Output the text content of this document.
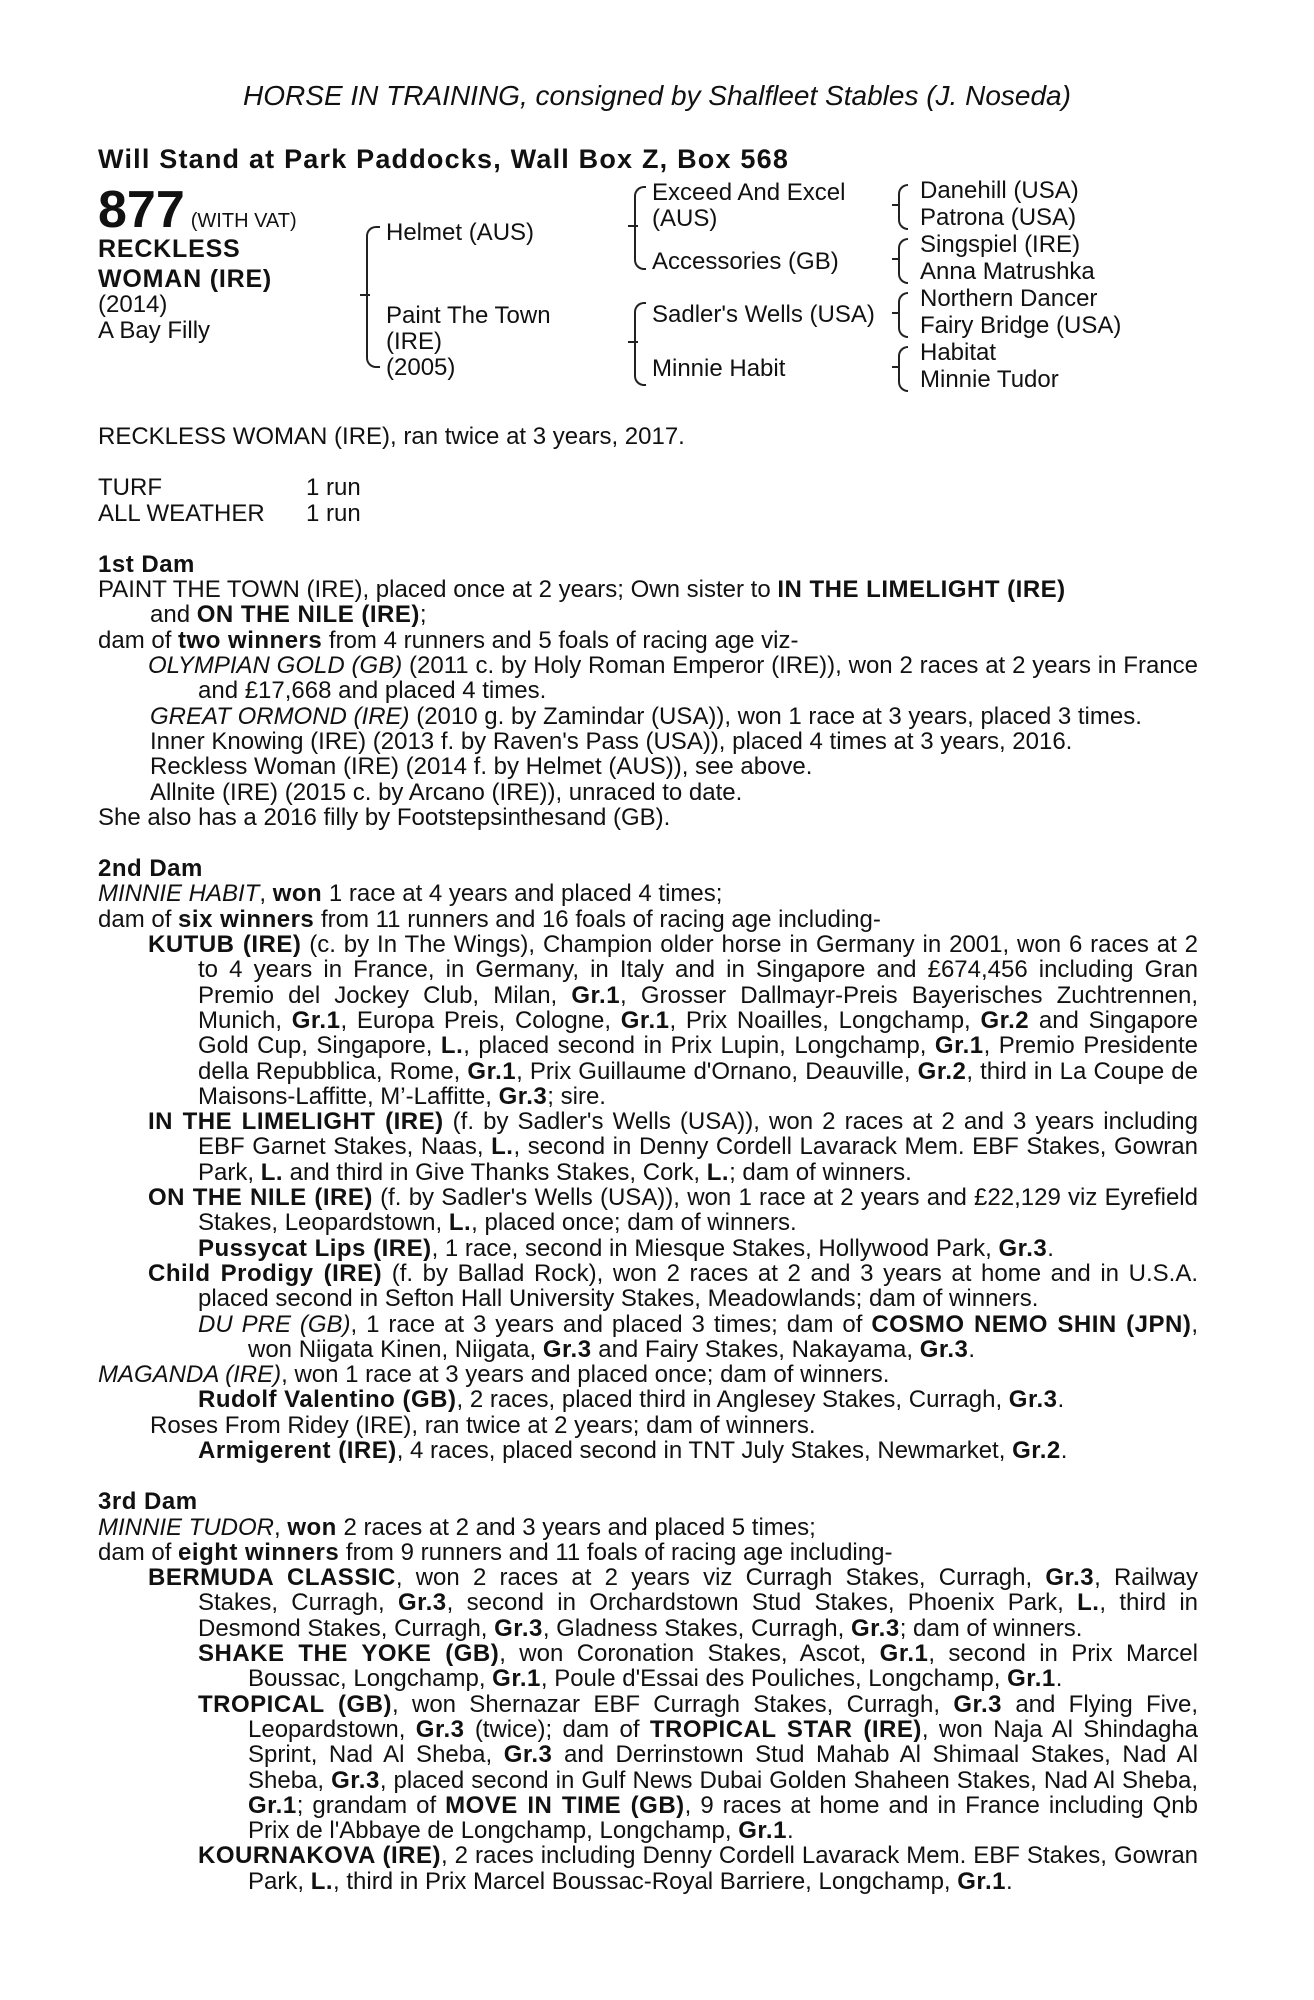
HORSE IN TRAINING, consigned by Shalfleet Stables (J. Noseda)
Will Stand at Park Paddocks, Wall Box Z, Box 568
877 (WITH VAT)
RECKLESS
WOMAN (IRE)
(2014)
A Bay Filly
Helmet (AUS)
Paint The Town
(IRE)
(2005)
Exceed And Excel
(AUS)
Accessories (GB)
Sadler's Wells (USA)
Minnie Habit
Danehill (USA)
Patrona (USA)
Singspiel (IRE)
Anna Matrushka
Northern Dancer
Fairy Bridge (USA)
Habitat
Minnie Tudor

RECKLESS WOMAN (IRE), ran twice at 3 years, 2017.

TURF	1 run
ALL WEATHER	1 run

1st Dam

PAINT THE TOWN (IRE), placed once at 2 years; Own sister to IN THE LIMELIGHT (IRE)

and ON THE NILE (IRE);

dam of two winners from 4 runners and 5 foals of racing age viz-

OLYMPIAN GOLD (GB) (2011 c. by Holy Roman Emperor (IRE)), won 2 races at 2 years in France and £17,668 and placed 4 times.

GREAT ORMOND (IRE) (2010 g. by Zamindar (USA)), won 1 race at 3 years, placed 3 times.

Inner Knowing (IRE) (2013 f. by Raven's Pass (USA)), placed 4 times at 3 years, 2016.

Reckless Woman (IRE) (2014 f. by Helmet (AUS)), see above.

Allnite (IRE) (2015 c. by Arcano (IRE)), unraced to date.

She also has a 2016 filly by Footstepsinthesand (GB).

2nd Dam

MINNIE HABIT, won 1 race at 4 years and placed 4 times;

dam of six winners from 11 runners and 16 foals of racing age including-

KUTUB (IRE) (c. by In The Wings), Champion older horse in Germany in 2001, won 6 races at 2 to 4 years in France, in Germany, in Italy and in Singapore and £674,456 including Gran Premio del Jockey Club, Milan, Gr.1, Grosser Dallmayr-Preis Bayerisches Zuchtrennen, Munich, Gr.1, Europa Preis, Cologne, Gr.1, Prix Noailles, Longchamp, Gr.2 and Singapore Gold Cup, Singapore, L., placed second in Prix Lupin, Longchamp, Gr.1, Premio Presidente della Repubblica, Rome, Gr.1, Prix Guillaume d'Ornano, Deauville, Gr.2, third in La Coupe de Maisons-Laffitte, M’-Laffitte, Gr.3; sire.

IN THE LIMELIGHT (IRE) (f. by Sadler's Wells (USA)), won 2 races at 2 and 3 years including EBF Garnet Stakes, Naas, L., second in Denny Cordell Lavarack Mem. EBF Stakes, Gowran Park, L. and third in Give Thanks Stakes, Cork, L.; dam of winners.

ON THE NILE (IRE) (f. by Sadler's Wells (USA)), won 1 race at 2 years and £22,129 viz Eyrefield Stakes, Leopardstown, L., placed once; dam of winners.

Pussycat Lips (IRE), 1 race, second in Miesque Stakes, Hollywood Park, Gr.3.

Child Prodigy (IRE) (f. by Ballad Rock), won 2 races at 2 and 3 years at home and in U.S.A. placed second in Sefton Hall University Stakes, Meadowlands; dam of winners.

DU PRE (GB), 1 race at 3 years and placed 3 times; dam of COSMO NEMO SHIN (JPN), won Niigata Kinen, Niigata, Gr.3 and Fairy Stakes, Nakayama, Gr.3.

MAGANDA (IRE), won 1 race at 3 years and placed once; dam of winners.

Rudolf Valentino (GB), 2 races, placed third in Anglesey Stakes, Curragh, Gr.3.

Roses From Ridey (IRE), ran twice at 2 years; dam of winners.

Armigerent (IRE), 4 races, placed second in TNT July Stakes, Newmarket, Gr.2.

3rd Dam

MINNIE TUDOR, won 2 races at 2 and 3 years and placed 5 times;

dam of eight winners from 9 runners and 11 foals of racing age including-

BERMUDA CLASSIC, won 2 races at 2 years viz Curragh Stakes, Curragh, Gr.3, Railway Stakes, Curragh, Gr.3, second in Orchardstown Stud Stakes, Phoenix Park, L., third in Desmond Stakes, Curragh, Gr.3, Gladness Stakes, Curragh, Gr.3; dam of winners.

SHAKE THE YOKE (GB), won Coronation Stakes, Ascot, Gr.1, second in Prix Marcel Boussac, Longchamp, Gr.1, Poule d'Essai des Pouliches, Longchamp, Gr.1.

TROPICAL (GB), won Shernazar EBF Curragh Stakes, Curragh, Gr.3 and Flying Five, Leopardstown, Gr.3 (twice); dam of TROPICAL STAR (IRE), won Naja Al Shindagha Sprint, Nad Al Sheba, Gr.3 and Derrinstown Stud Mahab Al Shimaal Stakes, Nad Al Sheba, Gr.3, placed second in Gulf News Dubai Golden Shaheen Stakes, Nad Al Sheba, Gr.1; grandam of MOVE IN TIME (GB), 9 races at home and in France including Qnb Prix de l'Abbaye de Longchamp, Longchamp, Gr.1.

KOURNAKOVA (IRE), 2 races including Denny Cordell Lavarack Mem. EBF Stakes, Gowran Park, L., third in Prix Marcel Boussac-Royal Barriere, Longchamp, Gr.1.
